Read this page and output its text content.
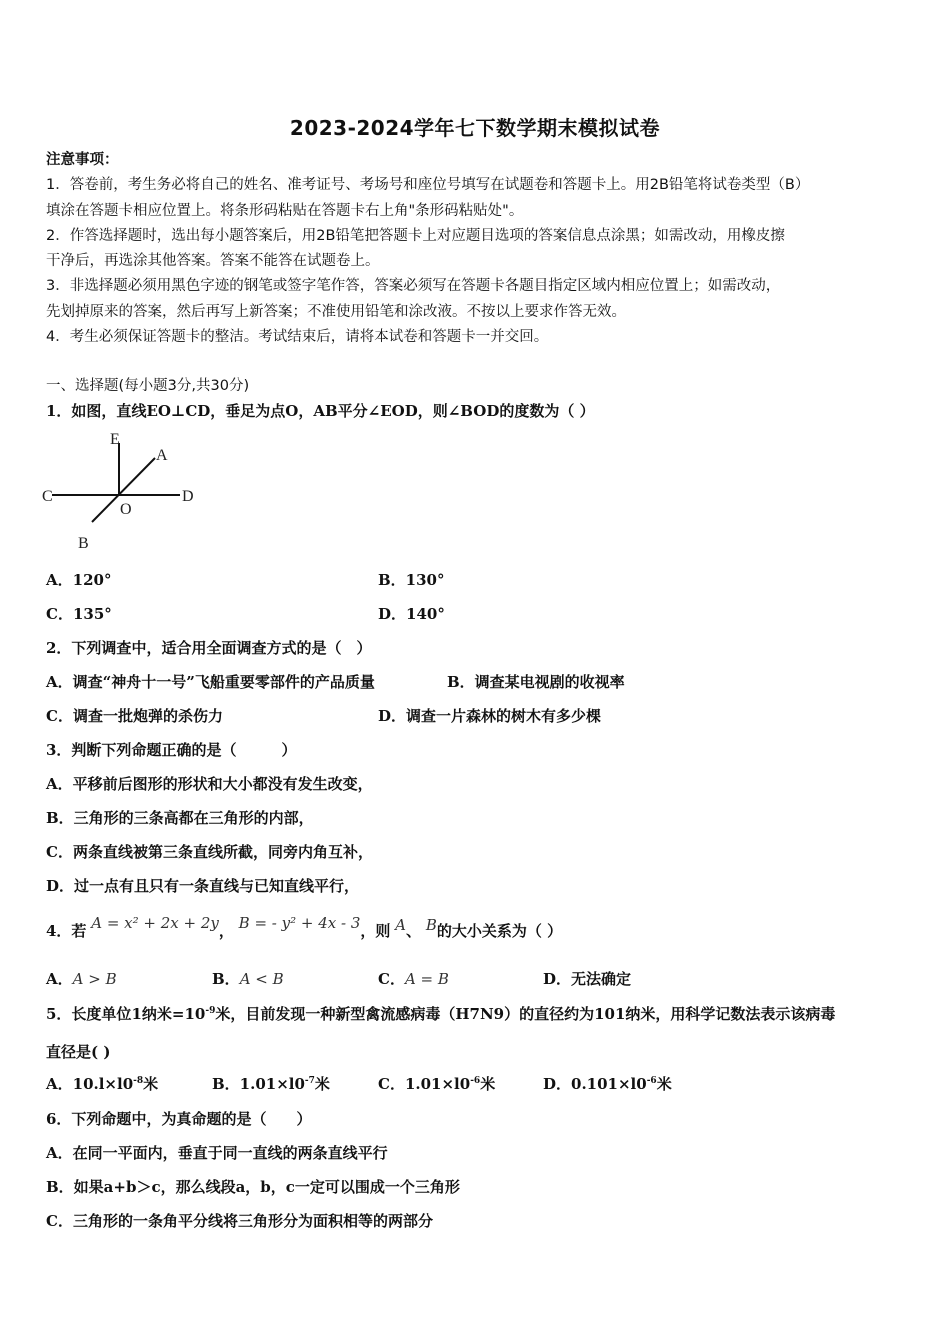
2023-2024学年七下数学期末模拟试卷

注意事项：

1．答卷前，考生务必将自己的姓名、准考证号、考场号和座位号填写在试题卷和答题卡上。用2B铅笔将试卷类型（B）

填涂在答题卡相应位置上。将条形码粘贴在答题卡右上角"条形码粘贴处"。

2．作答选择题时，选出每小题答案后，用2B铅笔把答题卡上对应题目选项的答案信息点涂黑；如需改动，用橡皮擦

干净后，再选涂其他答案。答案不能答在试题卷上。

3．非选择题必须用黑色字迹的钢笔或签字笔作答，答案必须写在答题卡各题目指定区域内相应位置上；如需改动，

先划掉原来的答案，然后再写上新答案；不准使用铅笔和涂改液。不按以上要求作答无效。

4．考生必须保证答题卡的整洁。考试结束后，请将本试卷和答题卡一并交回。

一、选择题(每小题3分,共30分)
1．如图，直线EO⊥CD，垂足为点O，AB平分∠EOD，则∠BOD的度数为（ ）
E
A
C
O
D
B
A．120°	B．130°
C．135°	D．140°
2．下列调查中，适合用全面调查方式的是（　）
A．调查“神舟十一号”飞船重要零部件的产品质量	B．调查某电视剧的收视率
C．调查一批炮弹的杀伤力	D．调查一片森林的树木有多少棵
3．判断下列命题正确的是（　　　）
A．平移前后图形的形状和大小都没有发生改变，
B．三角形的三条高都在三角形的内部，
C．两条直线被第三条直线所截，同旁内角互补，
D．过一点有且只有一条直线与已知直线平行，
4．若 A = x² + 2x + 2y， B = - y² + 4x - 3，则 A、 B的大小关系为（ ）
A．A > B	B．A < B	C．A = B	D．无法确定
5．长度单位1纳米$=10^{-9}$米，目前发现一种新型禽流感病毒（H7N9）的直径约为101纳米，用科学记数法表示该病毒
直径是( )
A．$10.l\times l0^{-8}$米	B．$1.01\times l0^{-7}$米	C．$1.01\times l0^{-6}$米	D．$0.101\times l0^{-6}$米
6．下列命题中，为真命题的是（　　）
A．在同一平面内，垂直于同一直线的两条直线平行
B．如果a+b＞c，那么线段a，b，c一定可以围成一个三角形
C．三角形的一条角平分线将三角形分为面积相等的两部分
